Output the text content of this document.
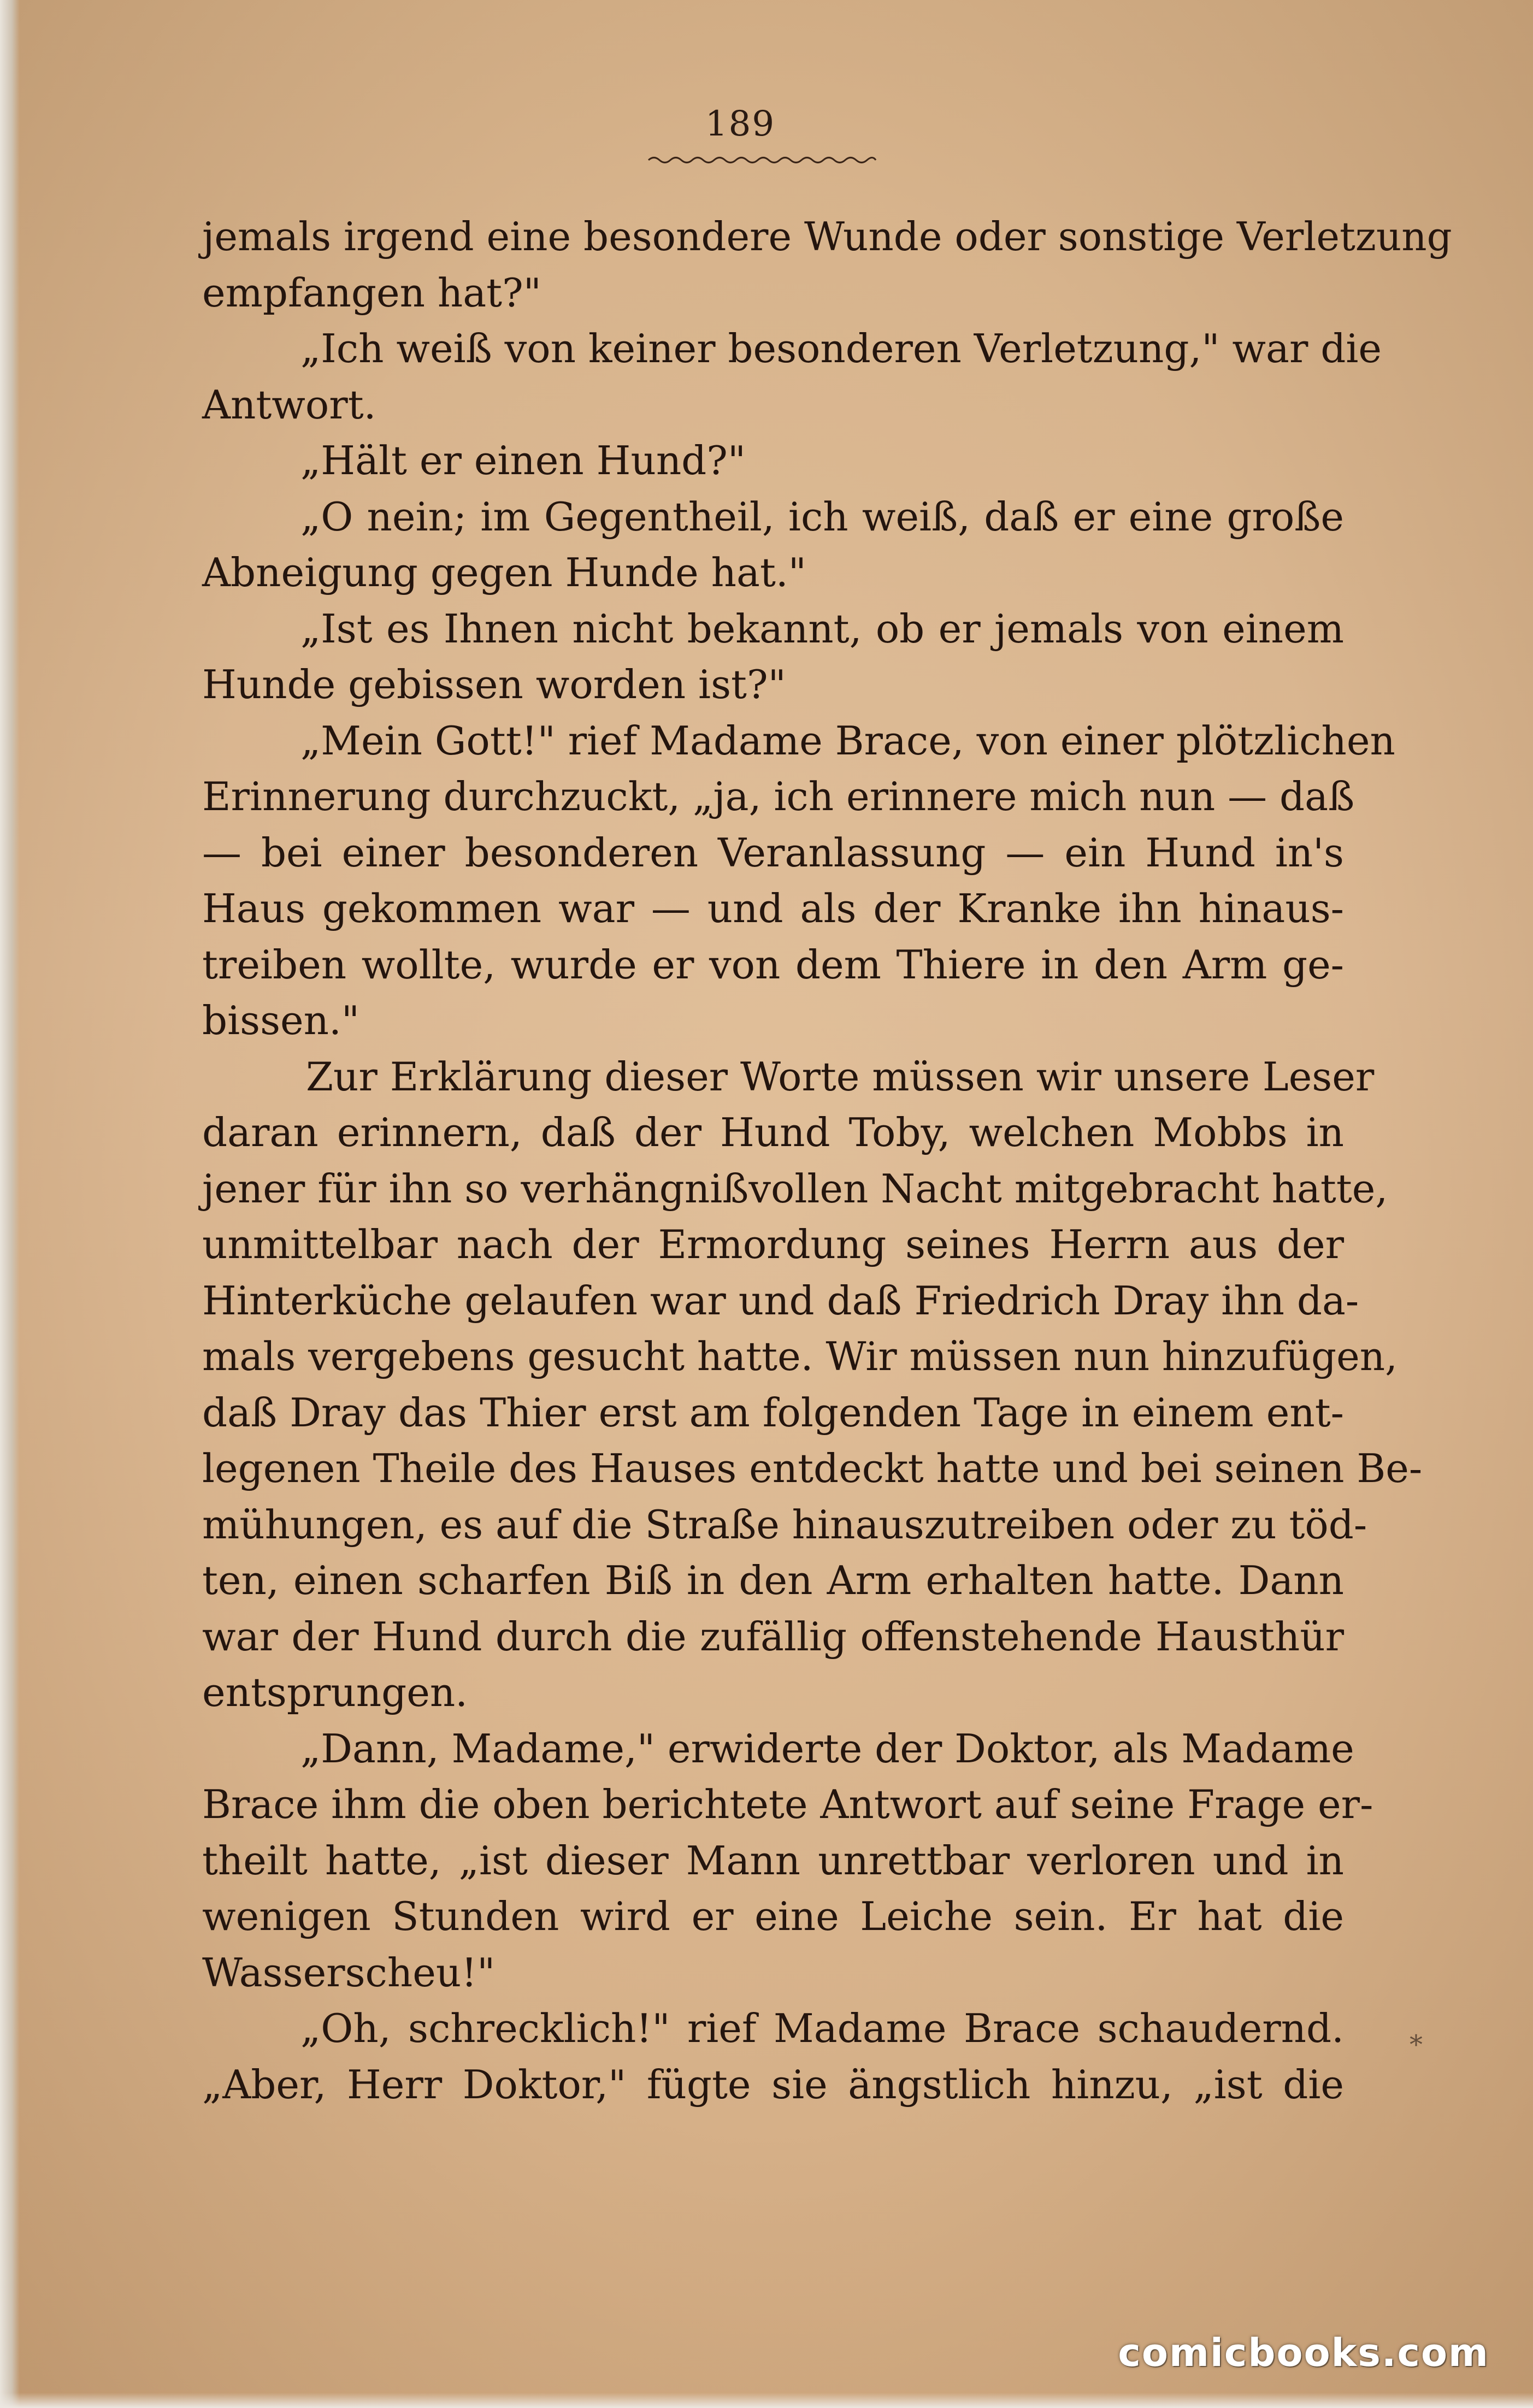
189
jemals irgend eine besondere Wunde oder sonstige Verletzung
empfangen hat?"
„Ich weiß von keiner besonderen Verletzung," war die
Antwort.
„Hält er einen Hund?"
„O nein; im Gegentheil, ich weiß, daß er eine große
Abneigung gegen Hunde hat."
„Ist es Ihnen nicht bekannt, ob er jemals von einem
Hunde gebissen worden ist?"
„Mein Gott!" rief Madame Brace, von einer plötzlichen
Erinnerung durchzuckt, „ja, ich erinnere mich nun — daß
— bei einer besonderen Veranlassung — ein Hund in's
Haus gekommen war — und als der Kranke ihn hinaus-
treiben wollte, wurde er von dem Thiere in den Arm ge-
bissen."
Zur Erklärung dieser Worte müssen wir unsere Leser
daran erinnern, daß der Hund Toby, welchen Mobbs in
jener für ihn so verhängnißvollen Nacht mitgebracht hatte,
unmittelbar nach der Ermordung seines Herrn aus der
Hinterküche gelaufen war und daß Friedrich Dray ihn da-
mals vergebens gesucht hatte. Wir müssen nun hinzufügen,
daß Dray das Thier erst am folgenden Tage in einem ent-
legenen Theile des Hauses entdeckt hatte und bei seinen Be-
mühungen, es auf die Straße hinauszutreiben oder zu töd-
ten, einen scharfen Biß in den Arm erhalten hatte. Dann
war der Hund durch die zufällig offenstehende Hausthür
entsprungen.
„Dann, Madame," erwiderte der Doktor, als Madame
Brace ihm die oben berichtete Antwort auf seine Frage er-
theilt hatte, „ist dieser Mann unrettbar verloren und in
wenigen Stunden wird er eine Leiche sein. Er hat die
Wasserscheu!"
„Oh, schrecklich!" rief Madame Brace schaudernd.
„Aber, Herr Doktor," fügte sie ängstlich hinzu, „ist die
⁎
comicbooks.com
